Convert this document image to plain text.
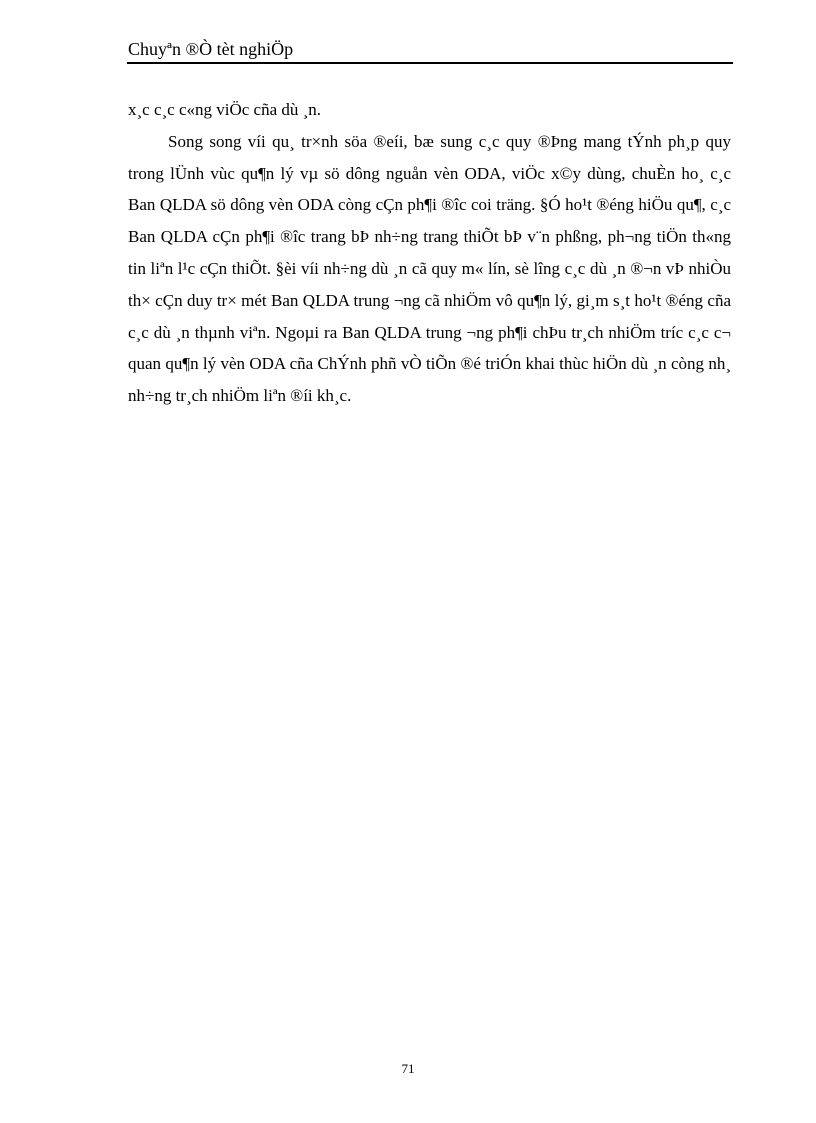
Chuyªn ®Ò tèt nghiÖp

x¸c c¸c c«ng viÖc cña dù ¸n.

Song song víi qu¸ tr×nh söa ®eíi, bæ sung c¸c quy ®Þng mang tÝnh ph¸p quy trong lÜnh vùc qu¶n lý vµ sö dông nguån vèn ODA, viÖc x©y dùng, chuÈn ho¸ c¸c Ban QLDA sö dông vèn ODA còng cÇn ph¶i ®îc coi träng. §Ó ho¹t ®éng hiÖu qu¶, c¸c Ban QLDA cÇn ph¶i ®îc trang bÞ nh÷ng trang thiÕt bÞ v¨n phßng, ph¬ng tiÖn th«ng tin liªn l¹c cÇn thiÕt. §èi víi nh÷ng dù ¸n cã quy m« lín, sè lîng c¸c dù ¸n ®¬n vÞ nhiÒu th× cÇn duy tr× mét Ban QLDA trung ¬ng cã nhiÖm vô qu¶n lý, gi¸m s¸t ho¹t ®éng cña c¸c dù ¸n thµnh viªn. Ngoµi ra Ban QLDA trung ¬ng ph¶i chÞu tr¸ch nhiÖm tríc c¸c c¬ quan qu¶n lý vèn ODA cña ChÝnh phñ vÒ tiÕn ®é triÓn khai thùc hiÖn dù ¸n còng nh¸ nh÷ng tr¸ch nhiÖm liªn ®íi kh¸c.

71
